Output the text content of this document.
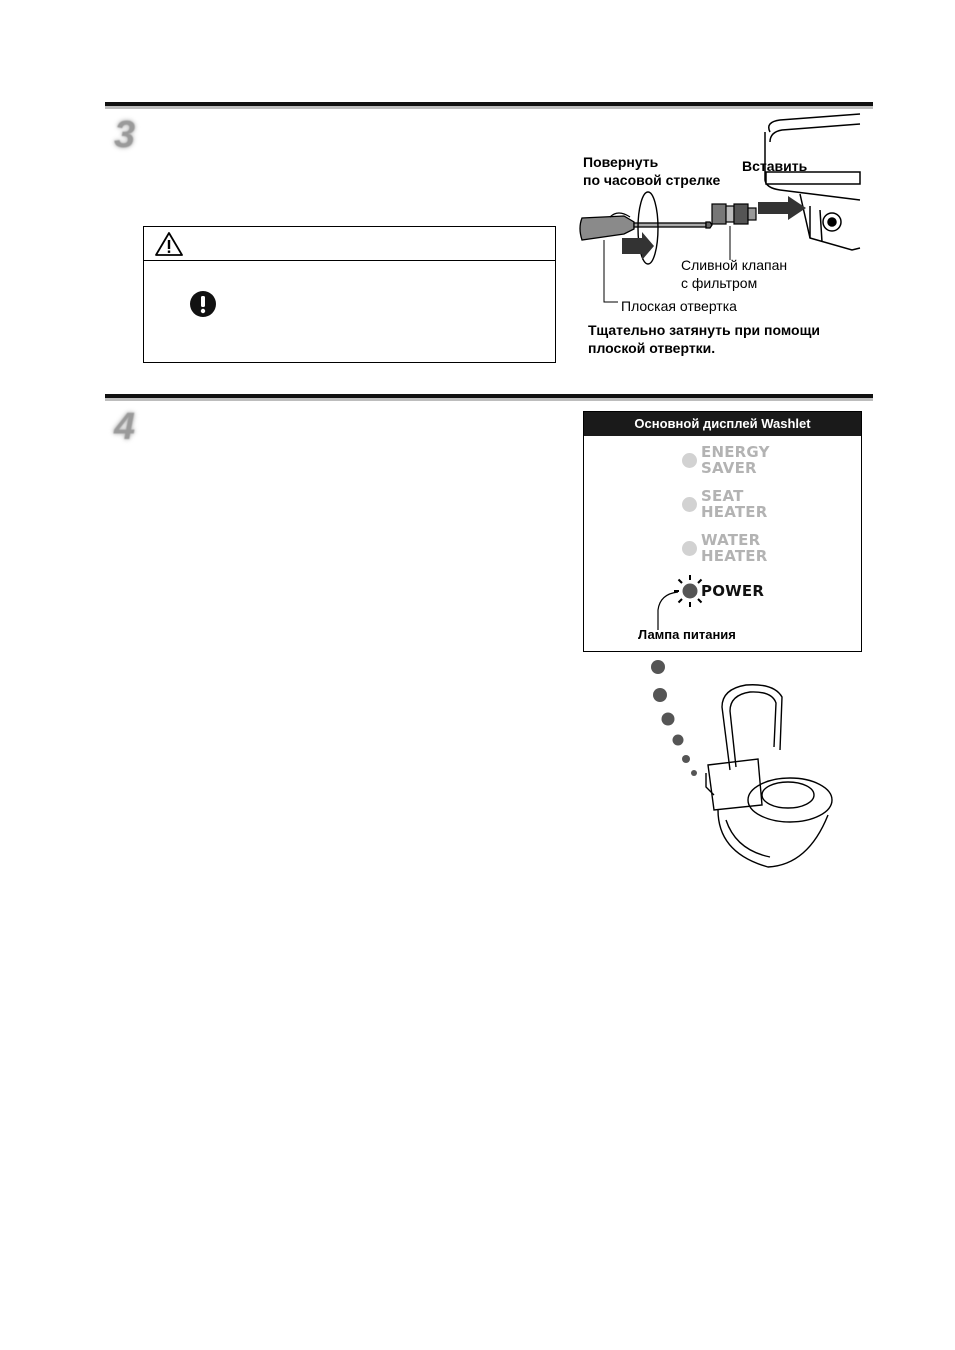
3
Повернуть
по часовой стрелке
Вставить
Сливной клапан
с фильтром
Плоская отвертка
Тщательно затянуть при помощи
плоской отвертки.
4	Основной дисплей Washlet
ENERGY
SAVER
SEAT
HEATER
WATER
HEATER
POWER
Лампа питания
